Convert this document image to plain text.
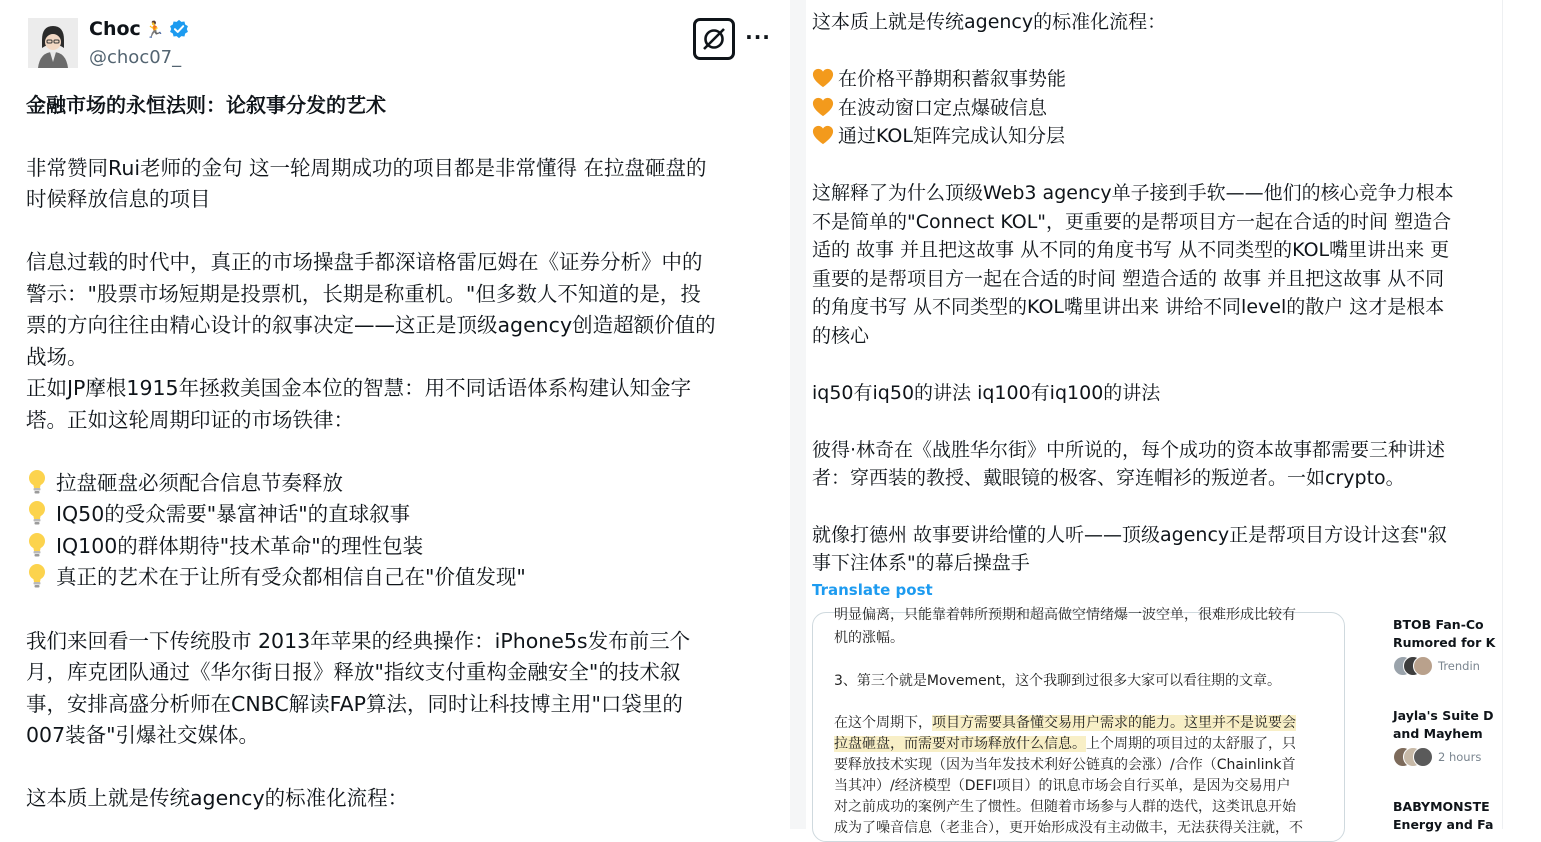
Choc 🏃
@choc07_
···
金融市场的永恒法则：论叙事分发的艺术
非常赞同Rui老师的金句 这一轮周期成功的项目都是非常懂得 在拉盘砸盘的
时候释放信息的项目
信息过载的时代中，真正的市场操盘手都深谙格雷厄姆在《证券分析》中的
警示："股票市场短期是投票机，长期是称重机。"但多数人不知道的是，投
票的方向往往由精心设计的叙事决定——这正是顶级agency创造超额价值的
战场。
正如JP摩根1915年拯救美国金本位的智慧：用不同话语体系构建认知金字
塔。正如这轮周期印证的市场铁律：
拉盘砸盘必须配合信息节奏释放
IQ50的受众需要"暴富神话"的直球叙事
IQ100的群体期待"技术革命"的理性包装
真正的艺术在于让所有受众都相信自己在"价值发现"
我们来回看一下传统股市 2013年苹果的经典操作：iPhone5s发布前三个
月，库克团队通过《华尔街日报》释放"指纹支付重构金融安全"的技术叙
事，安排高盛分析师在CNBC解读FAP算法，同时让科技博主用"口袋里的
007装备"引爆社交媒体。
这本质上就是传统agency的标准化流程：
这本质上就是传统agency的标准化流程：
在价格平静期积蓄叙事势能
在波动窗口定点爆破信息
通过KOL矩阵完成认知分层
这解释了为什么顶级Web3 agency单子接到手软——他们的核心竞争力根本
不是简单的"Connect KOL"，更重要的是帮项目方一起在合适的时间 塑造合
适的 故事 并且把这故事 从不同的角度书写 从不同类型的KOL嘴里讲出来 更
重要的是帮项目方一起在合适的时间 塑造合适的 故事 并且把这故事 从不同
的角度书写 从不同类型的KOL嘴里讲出来 讲给不同level的散户 这才是根本
的核心
iq50有iq50的讲法 iq100有iq100的讲法
彼得·林奇在《战胜华尔街》中所说的，每个成功的资本故事都需要三种讲述
者：穿西装的教授、戴眼镜的极客、穿连帽衫的叛逆者。一如crypto。
就像打德州 故事要讲给懂的人听——顶级agency正是帮项目方设计这套"叙
事下注体系"的幕后操盘手
Translate post
明显偏离，只能靠着韩所预期和超高做空情绪爆一波空单，很难形成比较有
机的涨幅。
3、第三个就是Movement，这个我聊到过很多大家可以看往期的文章。
在这个周期下，项目方需要具备懂交易用户需求的能力。这里并不是说要会
拉盘砸盘，而需要对市场释放什么信息。上个周期的项目过的太舒服了，只
要释放技术实现（因为当年发技术利好公链真的会涨）/合作（Chainlink首
当其冲）/经济模型（DEFI项目）的讯息市场会自行买单，是因为交易用户
对之前成功的案例产生了惯性。但随着市场参与人群的迭代，这类讯息开始
成为了噪音信息（老韭合），更开始形成没有主动做丰，无法获得关注就，不
BTOB Fan-Co
Rumored for K
Trendin
Jayla's Suite D
and Mayhem
2 hours
BABYMONSTE
Energy and Fa
